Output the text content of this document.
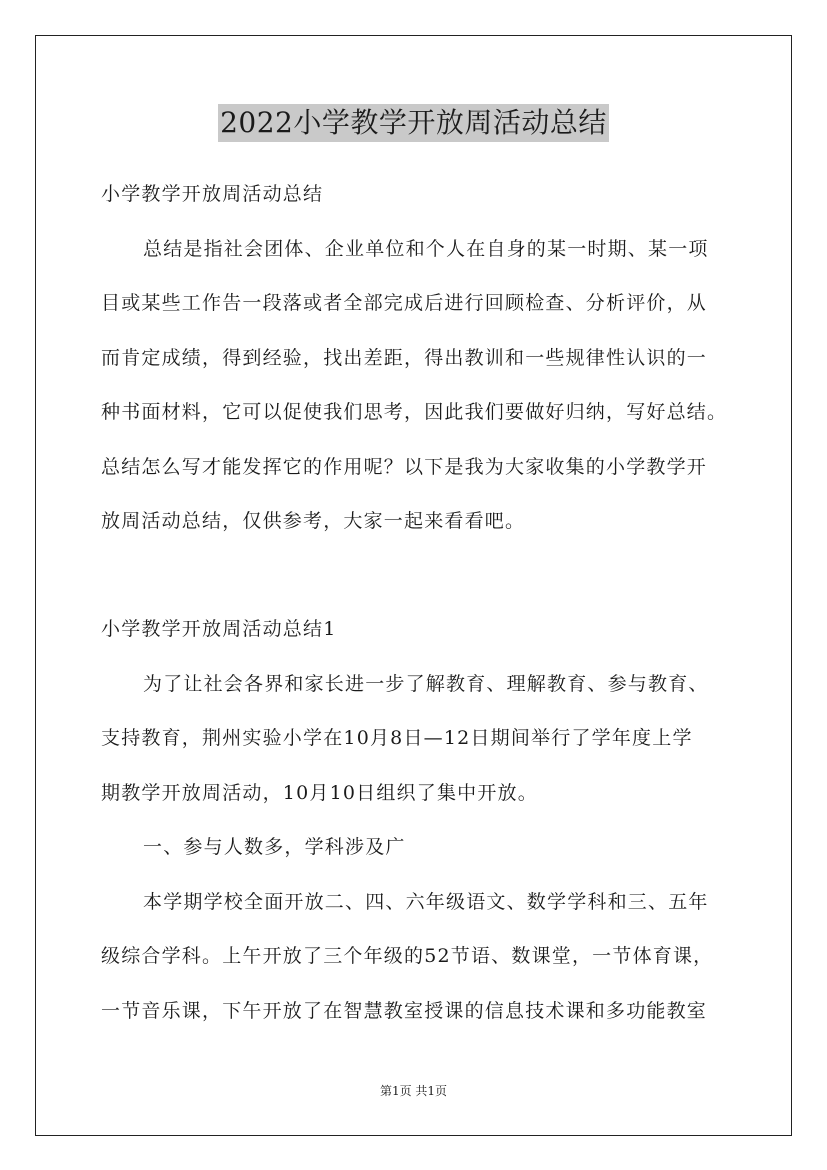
2022小学教学开放周活动总结
小学教学开放周活动总结
总结是指社会团体、企业单位和个人在自身的某一时期、某一项
目或某些工作告一段落或者全部完成后进行回顾检查、分析评价，从
而肯定成绩，得到经验，找出差距，得出教训和一些规律性认识的一
种书面材料，它可以促使我们思考，因此我们要做好归纳，写好总结。
总结怎么写才能发挥它的作用呢？以下是我为大家收集的小学教学开
放周活动总结，仅供参考，大家一起来看看吧。
小学教学开放周活动总结1
为了让社会各界和家长进一步了解教育、理解教育、参与教育、
支持教育，荆州实验小学在10月8日—12日期间举行了学年度上学
期教学开放周活动，10月10日组织了集中开放。
一、参与人数多，学科涉及广
本学期学校全面开放二、四、六年级语文、数学学科和三、五年
级综合学科。上午开放了三个年级的52节语、数课堂，一节体育课，
一节音乐课，下午开放了在智慧教室授课的信息技术课和多功能教室
第1页 共1页
